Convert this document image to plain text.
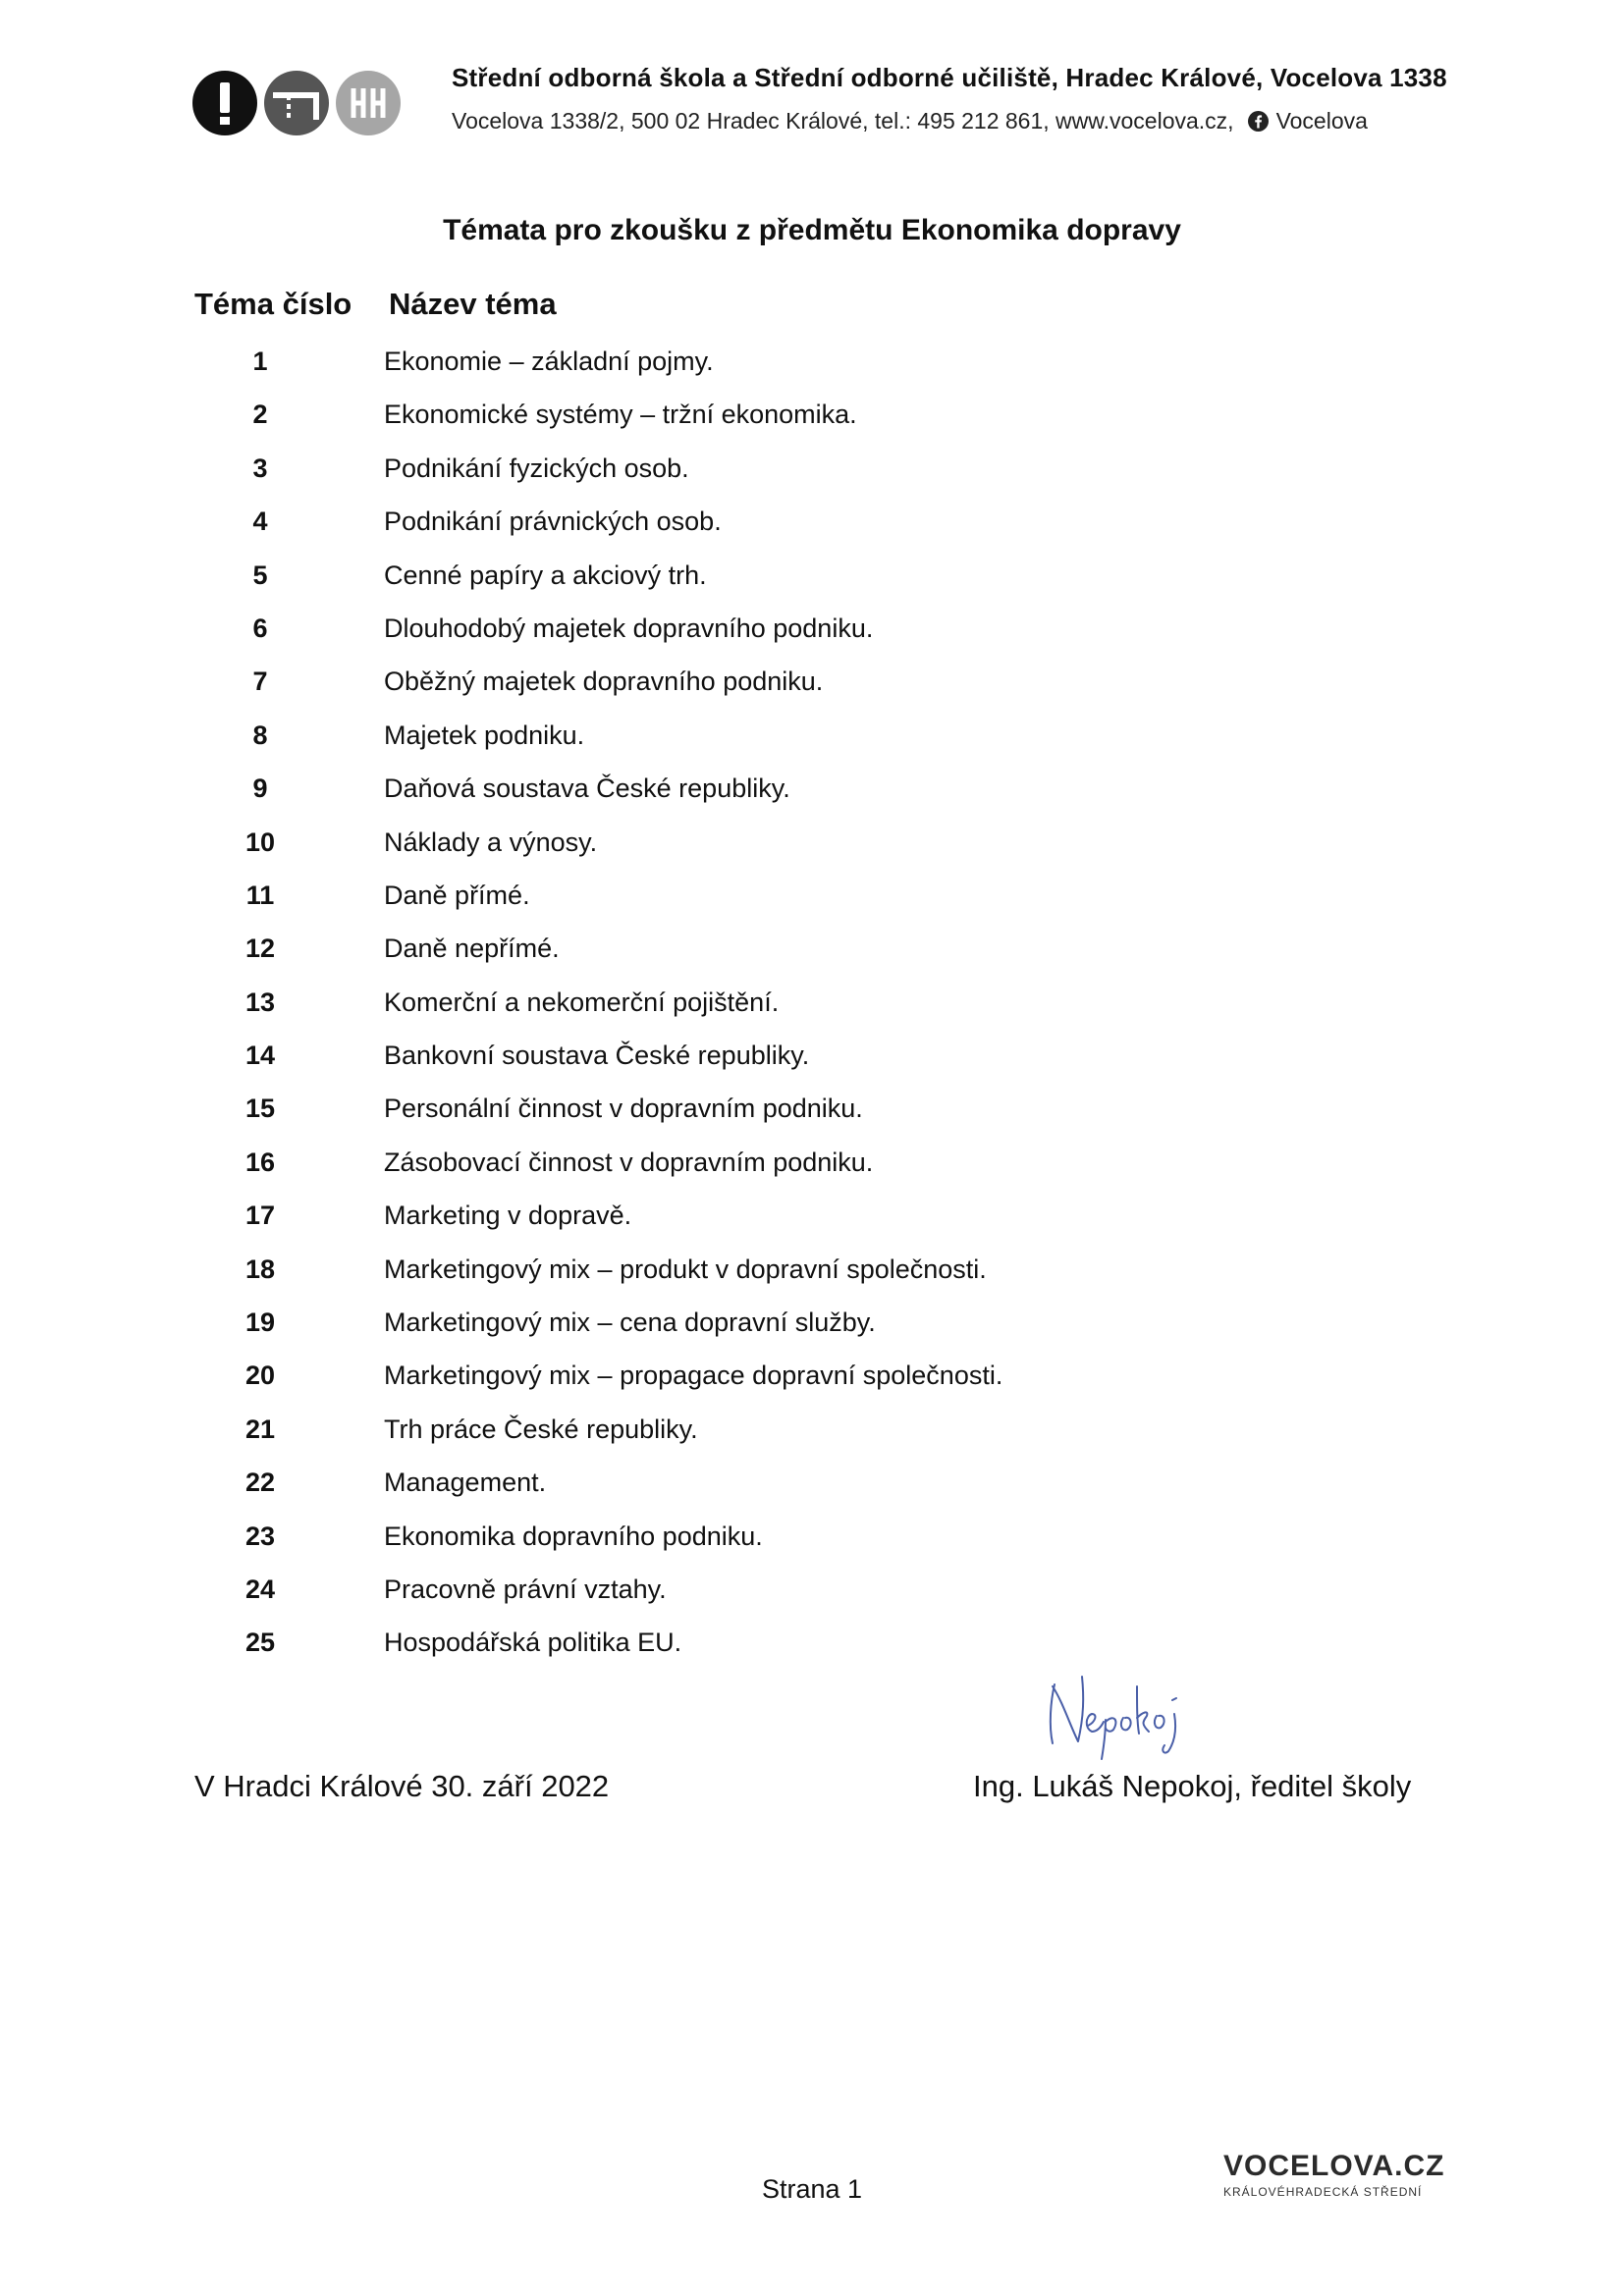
Střední odborná škola a Střední odborné učiliště, Hradec Králové, Vocelova 1338
Vocelova 1338/2, 500 02 Hradec Králové, tel.: 495 212 861, www.vocelova.cz, Vocelova
Témata pro zkoušku z předmětu Ekonomika dopravy
Téma číslo Název téma
1	Ekonomie – základní pojmy.
2	Ekonomické systémy – tržní ekonomika.
3	Podnikání fyzických osob.
4	Podnikání právnických osob.
5	Cenné papíry a akciový trh.
6	Dlouhodobý majetek dopravního podniku.
7	Oběžný majetek dopravního podniku.
8	Majetek podniku.
9	Daňová soustava České republiky.
10	Náklady a výnosy.
11	Daně přímé.
12	Daně nepřímé.
13	Komerční a nekomerční pojištění.
14	Bankovní soustava České republiky.
15	Personální činnost v dopravním podniku.
16	Zásobovací činnost v dopravním podniku.
17	Marketing v dopravě.
18	Marketingový mix – produkt v dopravní společnosti.
19	Marketingový mix – cena dopravní služby.
20	Marketingový mix – propagace dopravní společnosti.
21	Trh práce České republiky.
22	Management.
23	Ekonomika dopravního podniku.
24	Pracovně právní vztahy.
25	Hospodářská politika EU.
V Hradci Králové 30. září 2022	Ing. Lukáš Nepokoj, ředitel školy
Strana 1
VOCELOVA.CZ
KRÁLOVÉHRADECKÁ STŘEDNÍ
